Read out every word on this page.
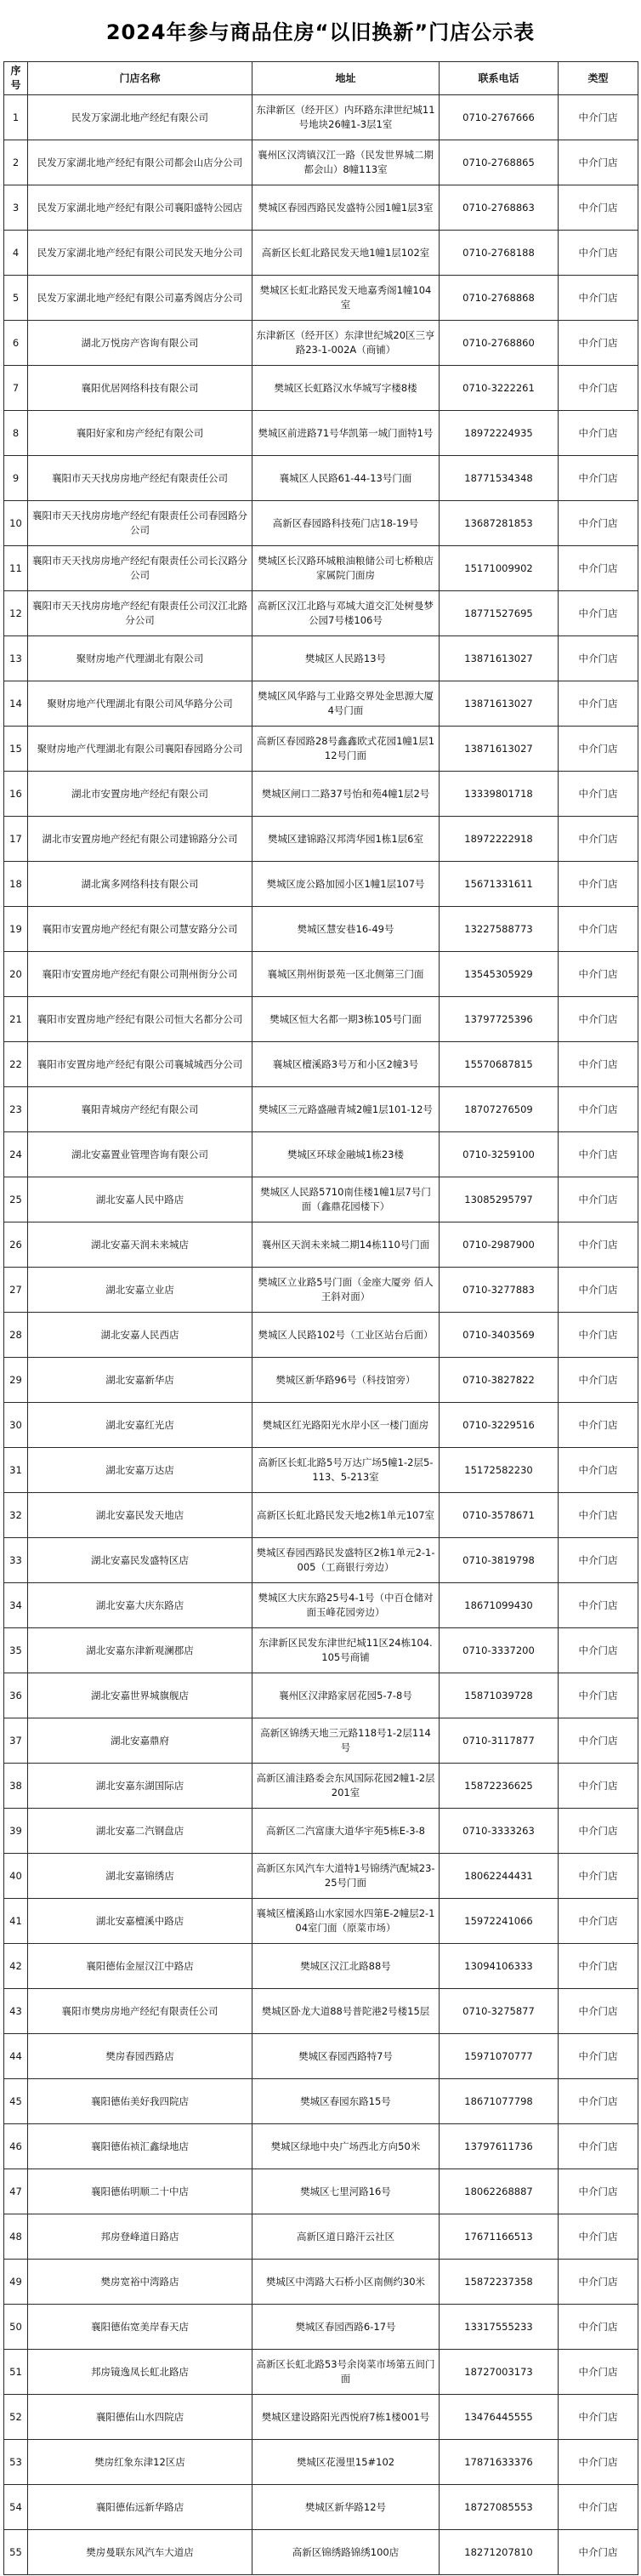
2024年参与商品住房“以旧换新”门店公示表
序号	门店名称	地址	联系电话	类型
1	民发万家湖北地产经纪有限公司	东津新区（经开区）内环路东津世纪城11号地块26幢1-3层1室	0710-2767666	中介门店
2	民发万家湖北地产经纪有限公司都会山店分公司	襄州区汉湾镇汉江一路（民发世界城二期都会山）8幢113室	0710-2768865	中介门店
3	民发万家湖北地产经纪有限公司襄阳盛特公园店	樊城区春园西路民发盛特公园1幢1层3室	0710-2768863	中介门店
4	民发万家湖北地产经纪有限公司民发天地分公司	高新区长虹北路民发天地1幢1层102室	0710-2768188	中介门店
5	民发万家湖北地产经纪有限公司嘉秀阁店分公司	樊城区长虹北路民发天地嘉秀阁1幢104室	0710-2768868	中介门店
6	湖北万悦房产咨询有限公司	东津新区（经开区）东津世纪城20区三亨路23-1-002A（商铺）	0710-2768860	中介门店
7	襄阳优居网络科技有限公司	樊城区长虹路汉水华城写字楼8楼	0710-3222261	中介门店
8	襄阳好家和房产经纪有限公司	樊城区前进路71号华凯第一城门面特1号	18972224935	中介门店
9	襄阳市天天找房房地产经纪有限责任公司	襄城区人民路61-44-13号门面	18771534348	中介门店
10	襄阳市天天找房房地产经纪有限责任公司春园路分公司	高新区春园路科技苑门店18-19号	13687281853	中介门店
11	襄阳市天天找房房地产经纪有限责任公司长汉路分公司	樊城区长汉路环城粮油粮储公司七桥粮店家属院门面房	15171009902	中介门店
12	襄阳市天天找房房地产经纪有限责任公司汉江北路分公司	高新区汉江北路与邓城大道交汇处树曼梦公园7号楼106号	18771527695	中介门店
13	聚财房地产代理湖北有限公司	樊城区人民路13号	13871613027	中介门店
14	聚财房地产代理湖北有限公司风华路分公司	樊城区风华路与工业路交界处金思源大厦4号门面	13871613027	中介门店
15	聚财房地产代理湖北有限公司襄阳春园路分公司	高新区春园路28号鑫鑫欧式花园1幢1层112号门面	13871613027	中介门店
16	湖北市安置房地产经纪有限公司	樊城区闸口二路37号怡和苑4幢1层2号	13339801718	中介门店
17	湖北市安置房地产经纪有限公司建锦路分公司	樊城区建锦路汉邦湾华园1栋1层6室	18972222918	中介门店
18	湖北寓多网络科技有限公司	樊城区庞公路加园小区1幢1层107号	15671331611	中介门店
19	襄阳市安置房地产经纪有限公司慧安路分公司	樊城区慧安巷16-49号	13227588773	中介门店
20	襄阳市安置房地产经纪有限公司荆州街分公司	襄城区荆州街景苑一区北侧第三门面	13545305929	中介门店
21	襄阳市安置房地产经纪有限公司恒大名都分公司	樊城区恒大名都一期3栋105号门面	13797725396	中介门店
22	襄阳市安置房地产经纪有限公司襄城城西分公司	襄城区檀溪路3号万和小区2幢3号	15570687815	中介门店
23	襄阳青城房产经纪有限公司	樊城区三元路盛融青城2幢1层101-12号	18707276509	中介门店
24	湖北安嘉置业管理咨询有限公司	樊城区环球金融城1栋23楼	0710-3259100	中介门店
25	湖北安嘉人民中路店	樊城区人民路5710南佳楼1幢1层7号门面（鑫鼎花园楼下）	13085295797	中介门店
26	湖北安嘉天润未来城店	襄州区天润未来城二期14栋110号门面	0710-2987900	中介门店
27	湖北安嘉立业店	樊城区立业路5号门面（金座大厦旁 佰人王斜对面）	0710-3277883	中介门店
28	湖北安嘉人民西店	樊城区人民路102号（工业区站台后面）	0710-3403569	中介门店
29	湖北安嘉新华店	樊城区新华路96号（科技馆旁）	0710-3827822	中介门店
30	湖北安嘉红光店	樊城区红光路阳光水岸小区一楼门面房	0710-3229516	中介门店
31	湖北安嘉万达店	高新区长虹北路5号万达广场5幢1-2层5-113、5-213室	15172582230	中介门店
32	湖北安嘉民发天地店	高新区长虹北路民发天地2栋1单元107室	0710-3578671	中介门店
33	湖北安嘉民发盛特区店	樊城区春园西路民发盛特区2栋1单元2-1-005（工商银行旁边）	0710-3819798	中介门店
34	湖北安嘉大庆东路店	樊城区大庆东路25号4-1号（中百仓储对面玉峰花园旁边）	18671099430	中介门店
35	湖北安嘉东津新观澜郡店	东津新区民发东津世纪城11区24栋104.105号商铺	0710-3337200	中介门店
36	湖北安嘉世界城旗舰店	襄州区汉津路家居花园5-7-8号	15871039728	中介门店
37	湖北安嘉鼎府	高新区锦绣天地三元路118号1-2层114号	0710-3117877	中介门店
38	湖北安嘉东湖国际店	高新区浦洼路委会东风国际花园2幢1-2层201室	15872236625	中介门店
39	湖北安嘉二汽钢盘店	高新区二汽富康大道华宇苑5栋E-3-8	0710-3333263	中介门店
40	湖北安嘉锦绣店	高新区东风汽车大道特1号锦绣汽配城23-25号门面	18062244431	中介门店
41	湖北安嘉檀溪中路店	襄城区檀溪路山水家园水四第E-2幢层2-104室门面（原菜市场）	15972241066	中介门店
42	襄阳德佑金屋汉江中路店	樊城区汉江北路88号	13094106333	中介门店
43	襄阳市樊房房地产经纪有限责任公司	樊城区卧龙大道88号普陀港2号楼15层	0710-3275877	中介门店
44	樊房春园西路店	樊城区春园西路特7号	15971070777	中介门店
45	襄阳德佑美好我四院店	樊城区春园东路15号	18671077798	中介门店
46	襄阳德佑祯汇鑫绿地店	樊城区绿地中央广场西北方向50米	13797611736	中介门店
47	襄阳德佑明顺二十中店	樊城区七里河路16号	18062268887	中介门店
48	邦房登峰道日路店	高新区道日路汗云社区	17671166513	中介门店
49	樊房宽裕中湾路店	樊城区中湾路大石桥小区南侧约30米	15872237358	中介门店
50	襄阳德佑宽美岸春天店	樊城区春园西路6-17号	13317555233	中介门店
51	邦房镜逸凤长虹北路店	高新区长虹北路53号余岗菜市场第五间门面	18727003173	中介门店
52	襄阳德佑山水四院店	樊城区建设路阳光西悦府7栋1楼001号	13476445555	中介门店
53	樊房红象东津12区店	樊城区花漫里15#102	17871633376	中介门店
54	襄阳德佑远新华路店	樊城区新华路12号	18727085553	中介门店
55	樊房曼联东风汽车大道店	高新区锦绣路锦绣100店	18271207810	中介门店
